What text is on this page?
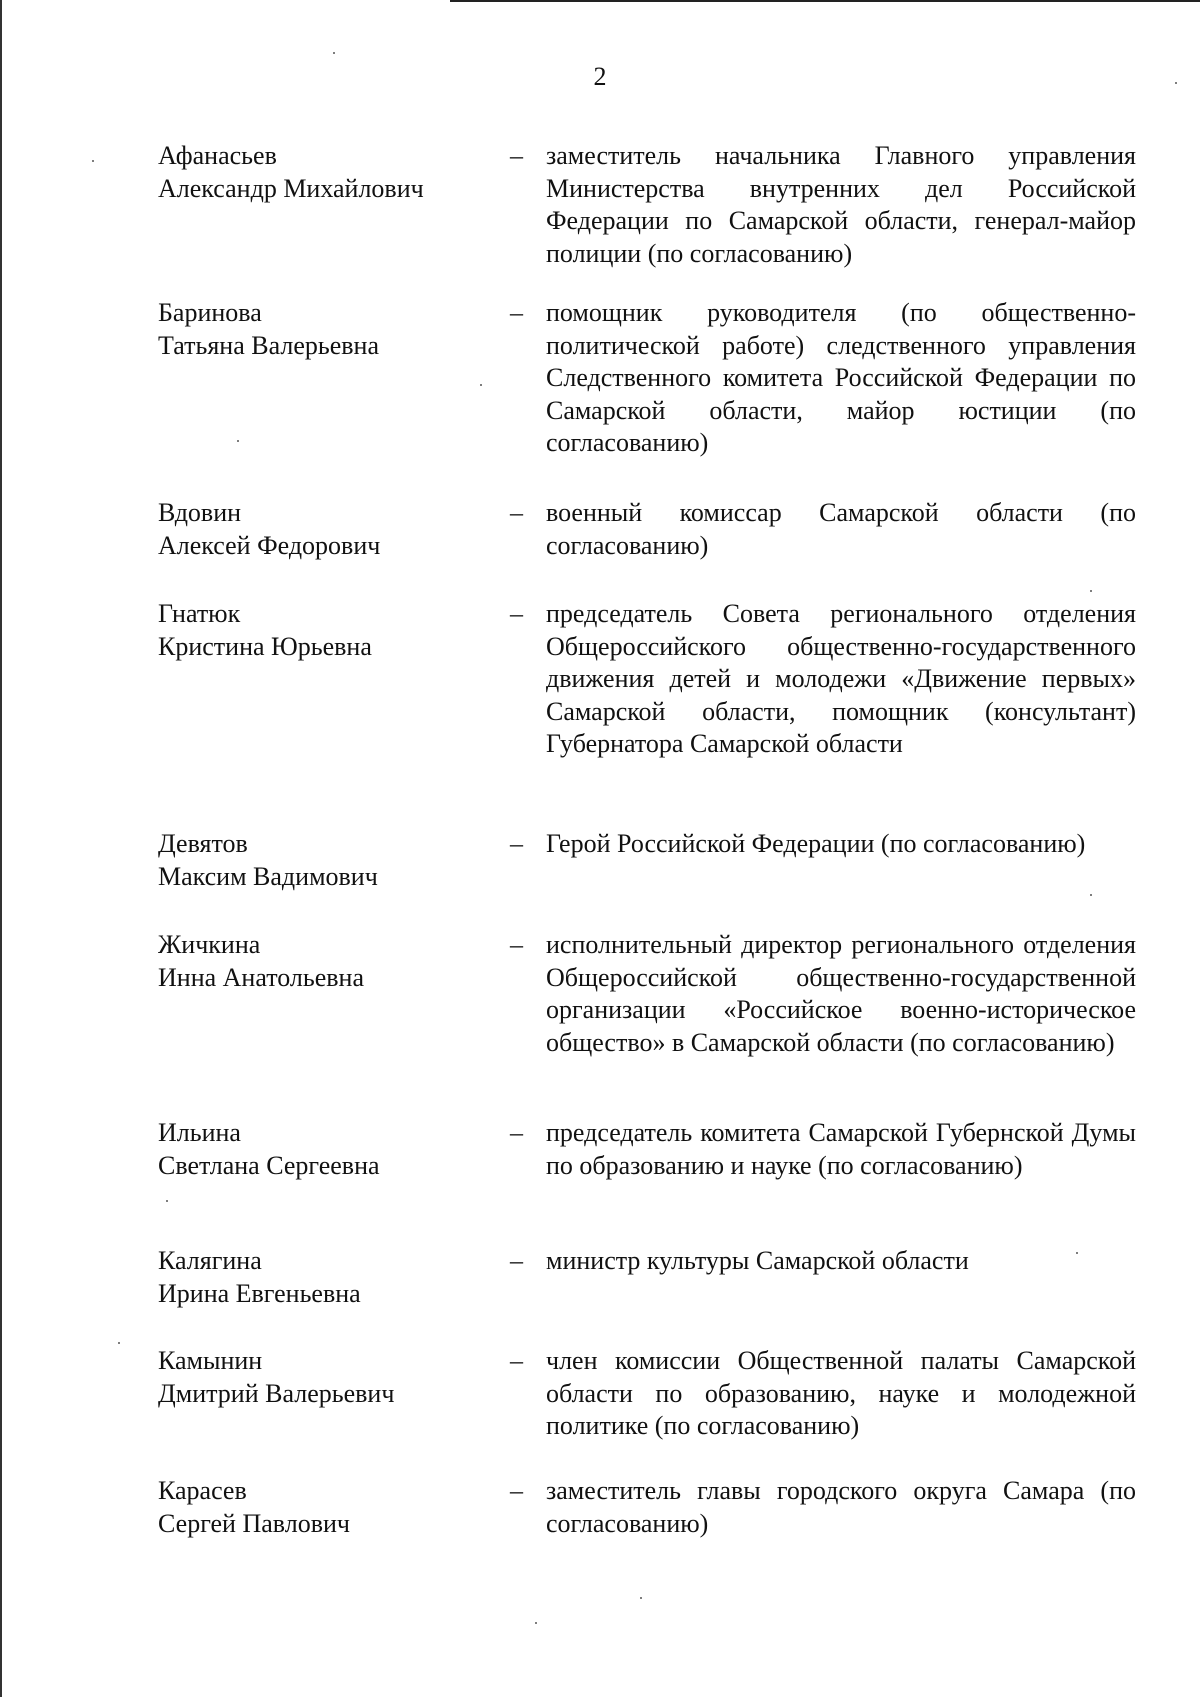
2
Афанасьев
Александр Михайлович
– заместитель начальника Главного управления Министерства внутренних дел Российской Федерации по Самарской области, генерал-майор полиции (по согласованию)
Баринова
Татьяна Валерьевна
– помощник руководителя (по общественно-политической работе) следственного управления Следственного комитета Российской Федерации по Самарской области, майор юстиции (по согласованию)
Вдовин
Алексей Федорович
– военный комиссар Самарской области (по согласованию)
Гнатюк
Кристина Юрьевна
– председатель Совета регионального отделения Общероссийского общественно-государственного движения детей и молодежи «Движение первых» Самарской области, помощник (консультант) Губернатора Самарской области
Девятов
Максим Вадимович
– Герой Российской Федерации (по согласованию)
Жичкина
Инна Анатольевна
– исполнительный директор регионального отделения Общероссийской общественно-государственной организации «Российское военно-историческое общество» в Самарской области (по согласованию)
Ильина
Светлана Сергеевна
– председатель комитета Самарской Губернской Думы по образованию и науке (по согласованию)
Калягина
Ирина Евгеньевна
– министр культуры Самарской области
Камынин
Дмитрий Валерьевич
– член комиссии Общественной палаты Самарской области по образованию, науке и молодежной политике (по согласованию)
Карасев
Сергей Павлович
– заместитель главы городского округа Самара (по согласованию)
